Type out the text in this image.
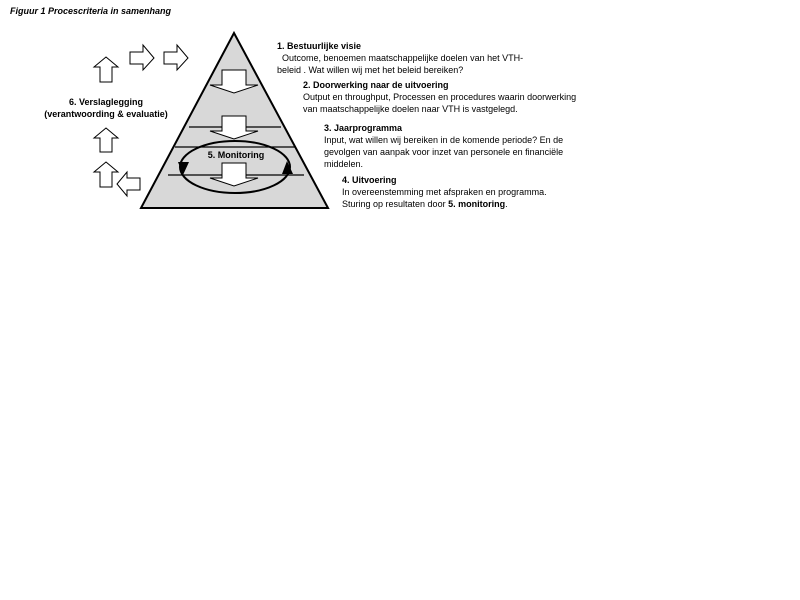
Figuur 1 Procescriteria in samenhang
5. Monitoring
6. Verslaglegging
(verantwoording & evaluatie)
1. Bestuurlijke visie
Outcome, benoemen maatschappelijke doelen van het VTH-
beleid . Wat willen wij met het beleid bereiken?
2. Doorwerking naar de uitvoering
Output en throughput, Processen en procedures waarin doorwerking
van maatschappelijke doelen naar VTH is vastgelegd.
3. Jaarprogramma
Input, wat willen wij bereiken in de komende periode? En de
gevolgen van aanpak voor inzet van personele en financiële
middelen.
4. Uitvoering
In overeenstemming met afspraken en programma.
Sturing op resultaten door 5. monitoring.
